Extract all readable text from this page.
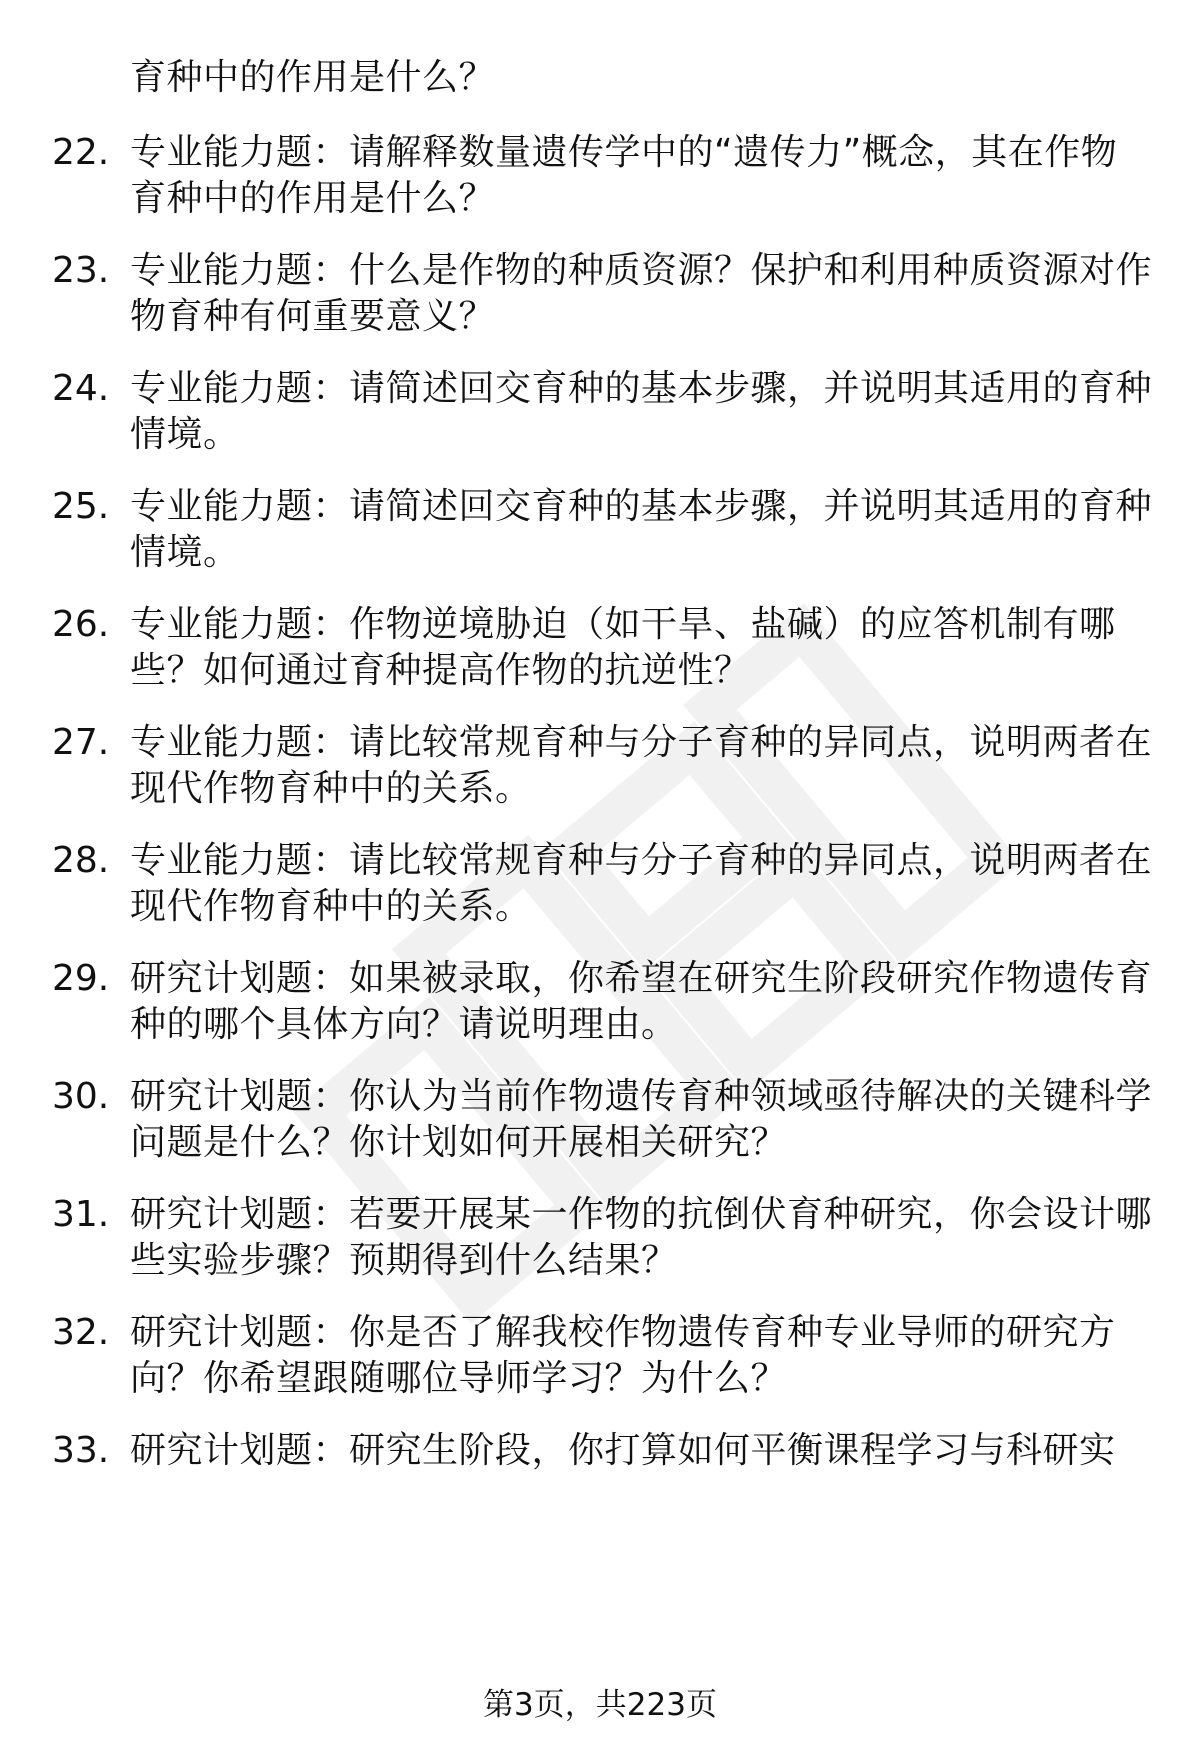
育种中的作用是什么？
22. 专业能力题：请解释数量遗传学中的“遗传力”概念，其在作物
育种中的作用是什么？
23. 专业能力题：什么是作物的种质资源？保护和利用种质资源对作
物育种有何重要意义？
24. 专业能力题：请简述回交育种的基本步骤，并说明其适用的育种
情境。
25. 专业能力题：请简述回交育种的基本步骤，并说明其适用的育种
情境。
26. 专业能力题：作物逆境胁迫（如干旱、盐碱）的应答机制有哪
些？如何通过育种提高作物的抗逆性？
27. 专业能力题：请比较常规育种与分子育种的异同点，说明两者在
现代作物育种中的关系。
28. 专业能力题：请比较常规育种与分子育种的异同点，说明两者在
现代作物育种中的关系。
29. 研究计划题：如果被录取，你希望在研究生阶段研究作物遗传育
种的哪个具体方向？请说明理由。
30. 研究计划题：你认为当前作物遗传育种领域亟待解决的关键科学
问题是什么？你计划如何开展相关研究？
31. 研究计划题：若要开展某一作物的抗倒伏育种研究，你会设计哪
些实验步骤？预期得到什么结果？
32. 研究计划题：你是否了解我校作物遗传育种专业导师的研究方
向？你希望跟随哪位导师学习？为什么？
33. 研究计划题：研究生阶段，你打算如何平衡课程学习与科研实
第3页，共223页
